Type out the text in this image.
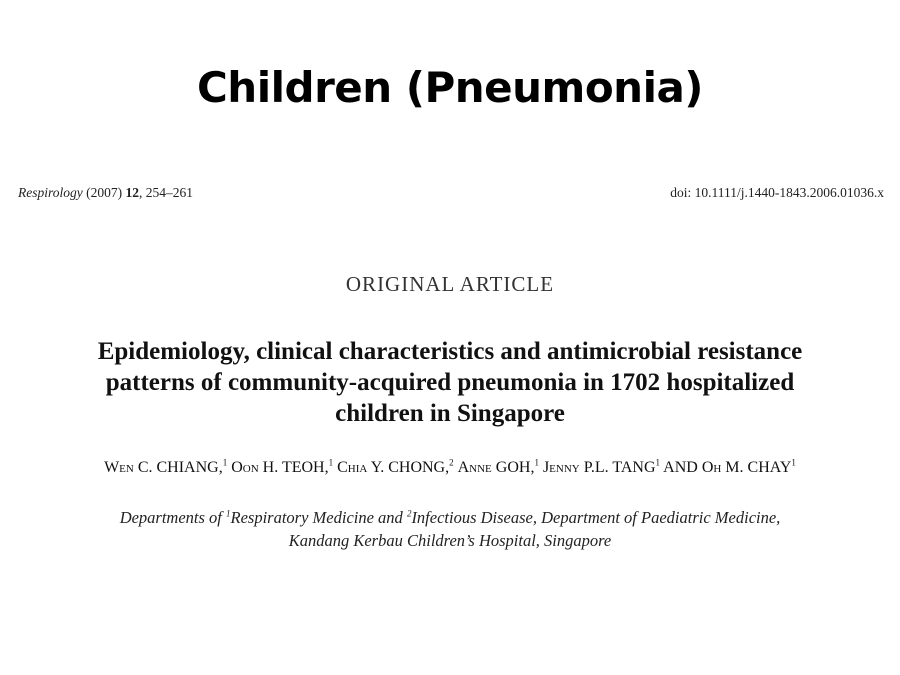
Children (Pneumonia)
Respirology (2007) 12, 254–261	doi: 10.1111/j.1440-1843.2006.01036.x
ORIGINAL ARTICLE
Epidemiology, clinical characteristics and antimicrobial resistance
patterns of community-acquired pneumonia in 1702 hospitalized
children in Singapore
Wen C. CHIANG,$^1$ Oon H. TEOH,$^1$ Chia Y. CHONG,$^2$ Anne GOH,$^1$ Jenny P.L. TANG$^1$ AND Oh M. CHAY$^1$
Departments of $^1$Respiratory Medicine and $^2$Infectious Disease, Department of Paediatric Medicine,
Kandang Kerbau Children’s Hospital, Singapore
